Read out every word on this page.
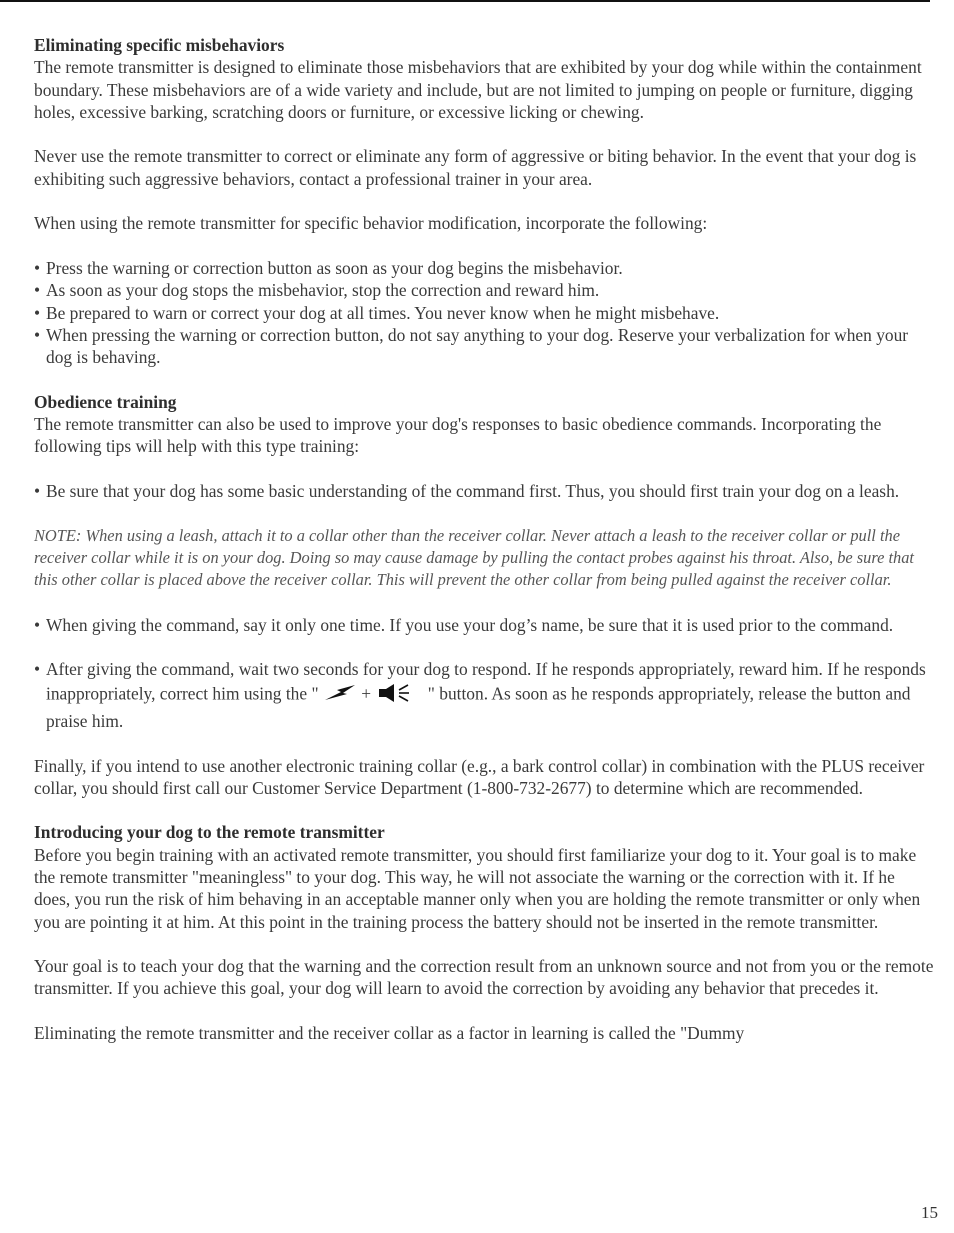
Eliminating specific misbehaviors

The remote transmitter is designed to eliminate those misbehaviors that are exhibited by your dog while within the containment boundary. These misbehaviors are of a wide variety and include, but are not limited to jumping on people or furniture, digging holes, excessive barking, scratching doors or furniture, or excessive licking or chewing.

Never use the remote transmitter to correct or eliminate any form of aggressive or biting behavior. In the event that your dog is exhibiting such aggressive behaviors, contact a professional trainer in your area.

When using the remote transmitter for specific behavior modification, incorporate the following:

• Press the warning or correction button as soon as your dog begins the misbehavior.
• As soon as your dog stops the misbehavior, stop the correction and reward him.
• Be prepared to warn or correct your dog at all times. You never know when he might misbehave.
• When pressing the warning or correction button, do not say anything to your dog. Reserve your verbalization for when your dog is behaving.
Obedience training

The remote transmitter can also be used to improve your dog's responses to basic obedience commands. Incorporating the following tips will help with this type training:

• Be sure that your dog has some basic understanding of the command first. Thus, you should first train your dog on a leash.

NOTE: When using a leash, attach it to a collar other than the receiver collar. Never attach a leash to the receiver collar or pull the receiver collar while it is on your dog. Doing so may cause damage by pulling the contact probes against his throat. Also, be sure that this other collar is placed above the receiver collar. This will prevent the other collar from being pulled against the receiver collar.

• When giving the command, say it only one time. If you use your dog’s name, be sure that it is used prior to the command.
• After giving the command, wait two seconds for your dog to respond. If he responds appropriately, reward him. If he responds inappropriately, correct him using the " +	" button. As soon as he responds appropriately, release the button and praise him.

Finally, if you intend to use another electronic training collar (e.g., a bark control collar) in combination with the PLUS receiver collar, you should first call our Customer Service Department (1-800-732-2677) to determine which are recommended.

Introducing your dog to the remote transmitter

Before you begin training with an activated remote transmitter, you should first familiarize your dog to it. Your goal is to make the remote transmitter "meaningless" to your dog. This way, he will not associate the warning or the correction with it. If he does, you run the risk of him behaving in an acceptable manner only when you are holding the remote transmitter or only when you are pointing it at him. At this point in the training process the battery should not be inserted in the remote transmitter.

Your goal is to teach your dog that the warning and the correction result from an unknown source and not from you or the remote transmitter. If you achieve this goal, your dog will learn to avoid the correction by avoiding any behavior that precedes it.

Eliminating the remote transmitter and the receiver collar as a factor in learning is called the "Dummy

15
